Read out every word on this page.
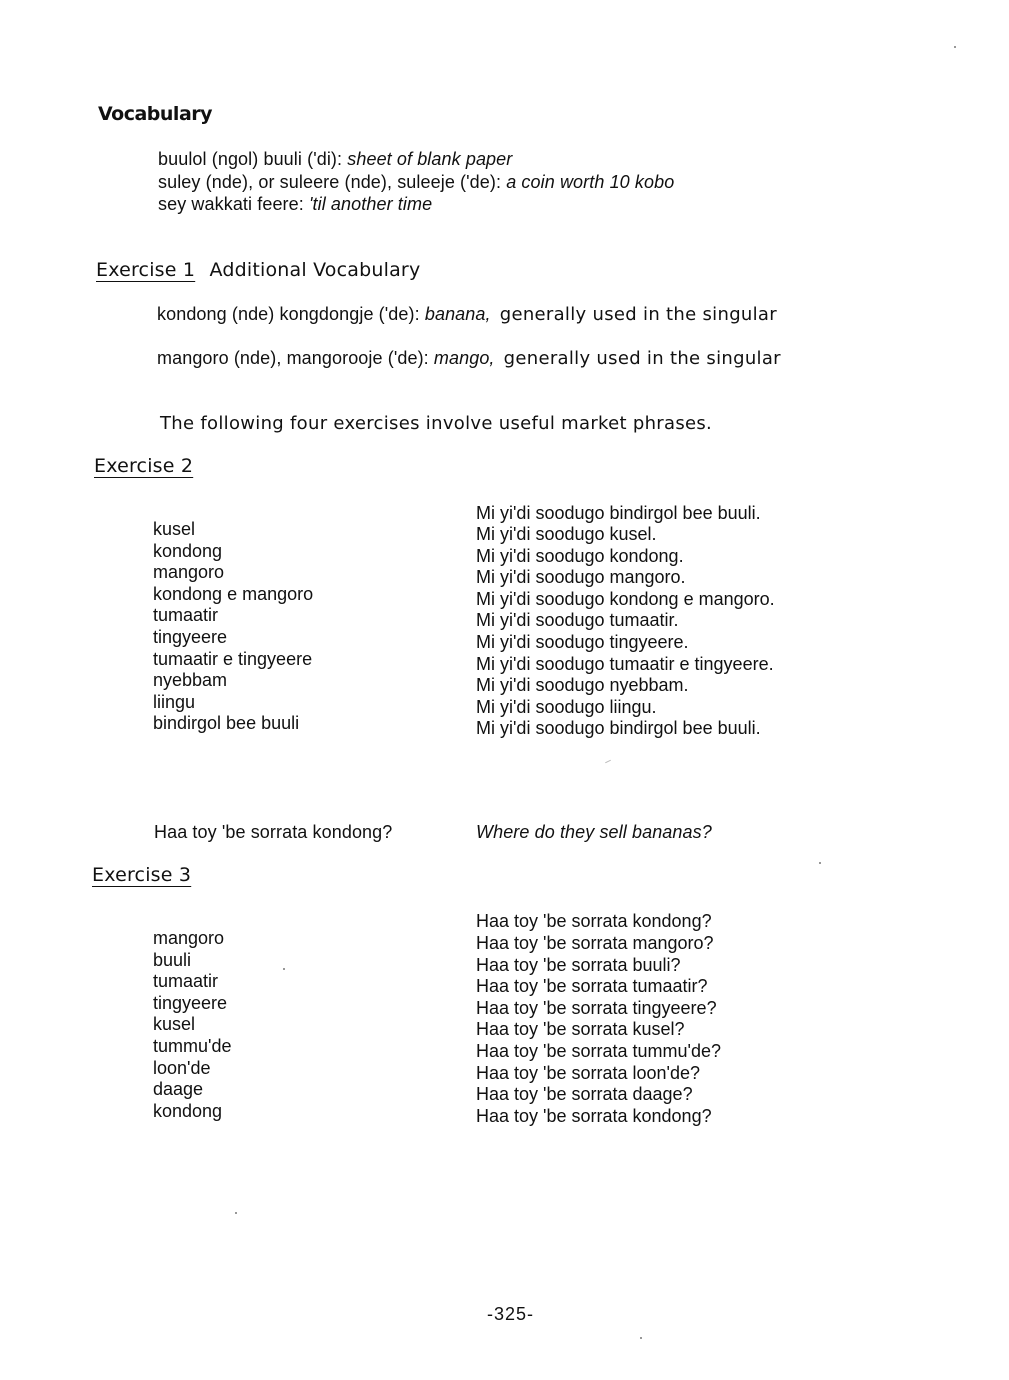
Vocabulary
buulol (ngol) buuli ('di): sheet of blank paper
suley (nde), or suleere (nde), suleeje ('de): a coin worth 10 kobo
sey wakkati feere: 'til another time
Exercise 1 Additional Vocabulary
kondong (nde) kongdongje ('de): banana, generally used in the singular
mangoro (nde), mangorooje ('de): mango, generally used in the singular
The following four exercises involve useful market phrases.
Exercise 2
Mi yi'di soodugo bindirgol bee buuli.
kusel
kondong
mangoro
kondong e mangoro
tumaatir
tingyeere
tumaatir e tingyeere
nyebbam
liingu
bindirgol bee buuli
Mi yi'di soodugo kusel.
Mi yi'di soodugo kondong.
Mi yi'di soodugo mangoro.
Mi yi'di soodugo kondong e mangoro.
Mi yi'di soodugo tumaatir.
Mi yi'di soodugo tingyeere.
Mi yi'di soodugo tumaatir e tingyeere.
Mi yi'di soodugo nyebbam.
Mi yi'di soodugo liingu.
Mi yi'di soodugo bindirgol bee buuli.
Haa toy 'be sorrata kondong?	Where do they sell bananas?
Exercise 3
Haa toy 'be sorrata kondong?
mangoro
buuli
tumaatir
tingyeere
kusel
tummu'de
loon'de
daage
kondong
Haa toy 'be sorrata mangoro?
Haa toy 'be sorrata buuli?
Haa toy 'be sorrata tumaatir?
Haa toy 'be sorrata tingyeere?
Haa toy 'be sorrata kusel?
Haa toy 'be sorrata tummu'de?
Haa toy 'be sorrata loon'de?
Haa toy 'be sorrata daage?
Haa toy 'be sorrata kondong?
-325-
